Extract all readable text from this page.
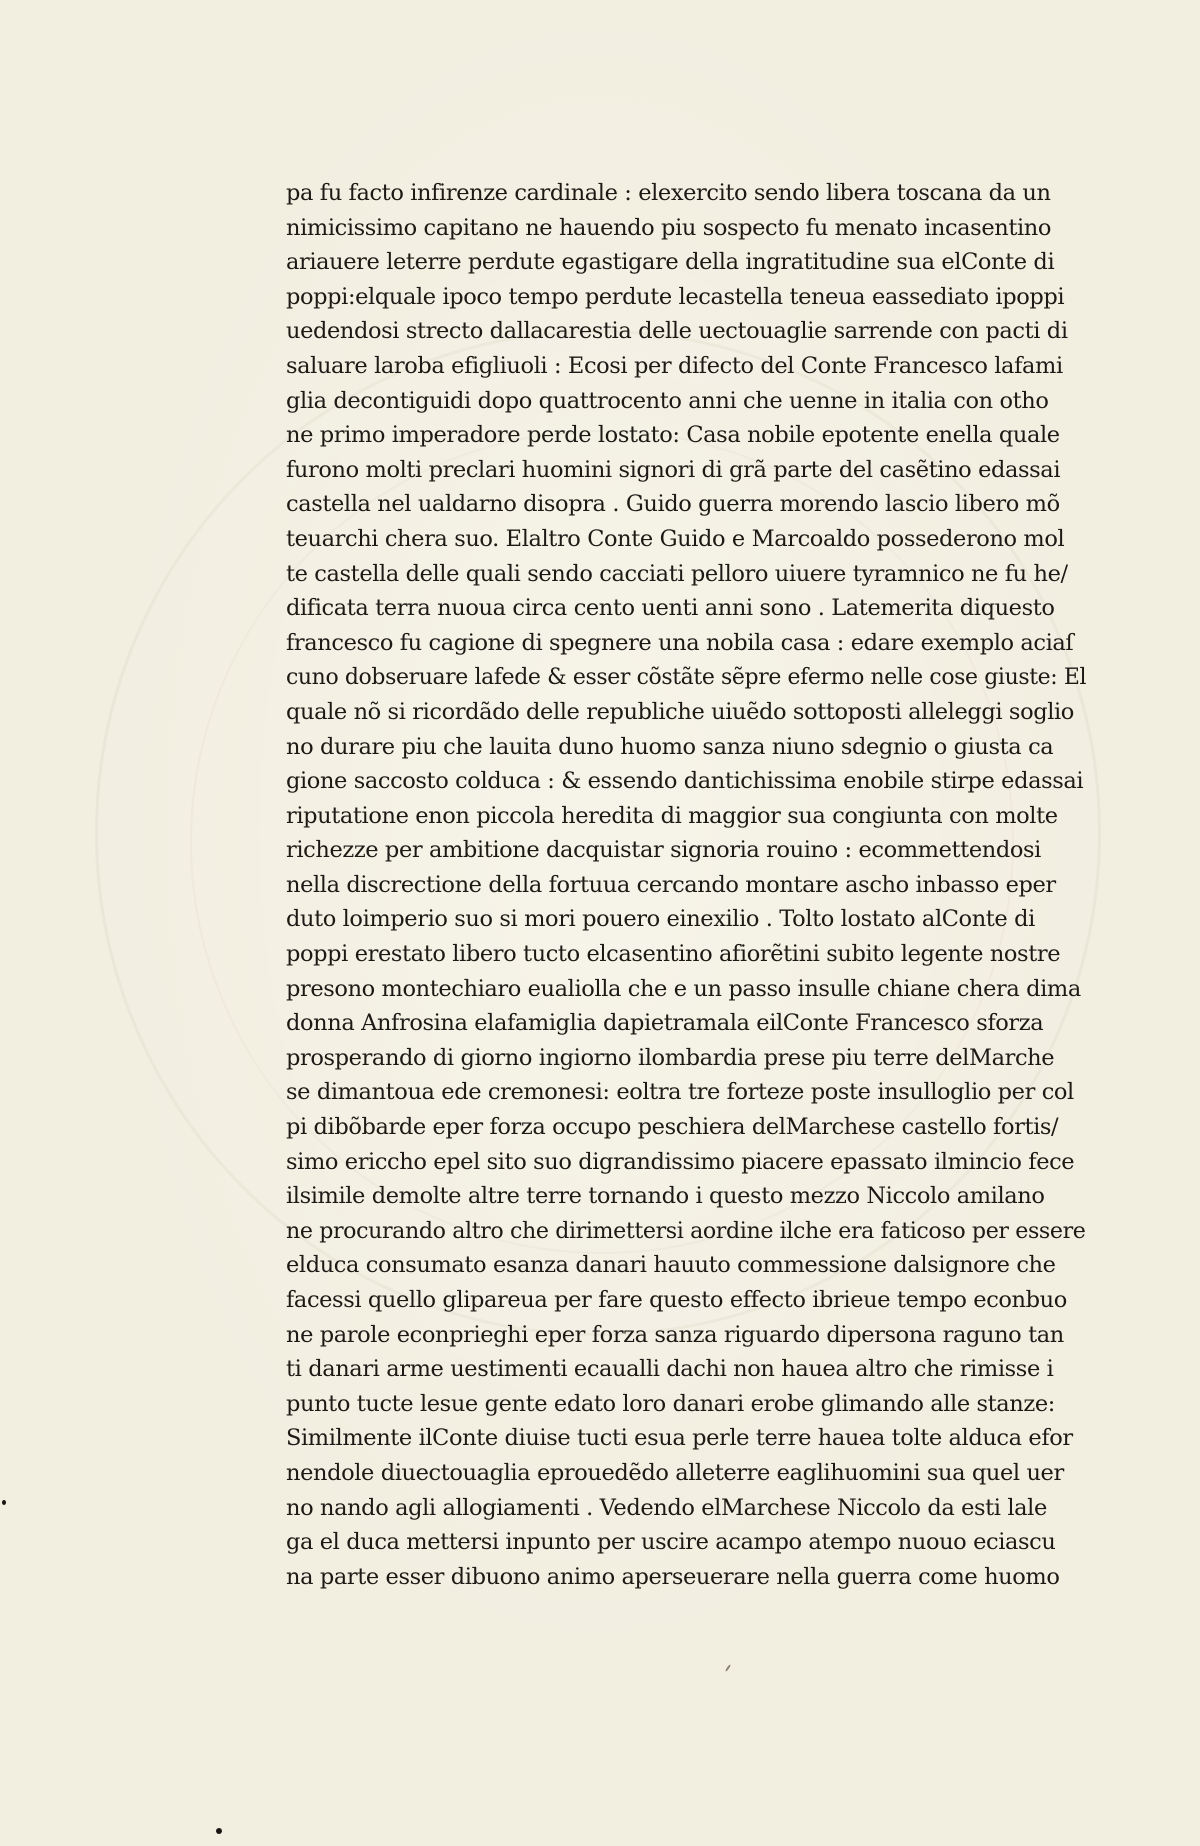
pa fu facto infirenze cardinale : elexercito sendo libera toscana da un
nimicissimo capitano ne hauendo piu sospecto fu menato incasentino
ariauere leterre perdute egastigare della ingratitudine sua elConte di
poppi:elquale ipoco tempo perdute lecastella teneua eassediato ipoppi
uedendosi strecto dallacarestia delle uectouaglie sarrende con pacti di
saluare laroba efigliuoli : Ecosi per difecto del Conte Francesco lafami
glia decontiguidi dopo quattrocento anni che uenne in italia con otho
ne primo imperadore perde lostato: Casa nobile epotente enella quale
furono molti preclari huomini signori di grã parte del casẽtino edassai
castella nel ualdarno disopra . Guido guerra morendo lascio libero mõ
teuarchi chera suo. Elaltro Conte Guido e Marcoaldo possederono mol
te castella delle quali sendo cacciati pelloro uiuere tyramnico ne fu he/
dificata terra nuoua circa cento uenti anni sono . Latemerita diquesto
francesco fu cagione di spegnere una nobila casa : edare exemplo aciaſ
cuno dobseruare lafede & esser cõstãte sẽpre efermo nelle cose giuste: El
quale nõ si ricordãdo delle republiche uiuẽdo sottoposti alleleggi soglio
no durare piu che lauita duno huomo sanza niuno sdegnio o giusta ca
gione saccosto colduca : & essendo dantichissima enobile stirpe edassai
riputatione enon piccola heredita di maggior sua congiunta con molte
richezze per ambitione dacquistar signoria rouino : ecommettendosi
nella discrectione della fortuua cercando montare ascho inbasso eper
duto loimperio suo si mori pouero einexilio . Tolto lostato alConte di
poppi erestato libero tucto elcasentino afiorẽtini subito legente nostre
presono montechiaro eualiolla che e un passo insulle chiane chera dima
donna Anfrosina elafamiglia dapietramala eilConte Francesco sforza
prosperando di giorno ingiorno ilombardia prese piu terre delMarche
se dimantoua ede cremonesi: eoltra tre forteze poste insulloglio per col
pi dibõbarde eper forza occupo peschiera delMarchese castello fortis/
simo ericcho epel sito suo digrandissimo piacere epassato ilmincio fece
ilsimile demolte altre terre tornando i questo mezzo Niccolo amilano
ne procurando altro che dirimettersi aordine ilche era faticoso per essere
elduca consumato esanza danari hauuto commessione dalsignore che
facessi quello glipareua per fare questo effecto ibrieue tempo econbuo
ne parole econprieghi eper forza sanza riguardo dipersona raguno tan
ti danari arme uestimenti ecaualli dachi non hauea altro che rimisse i
punto tucte lesue gente edato loro danari erobe glimando alle stanze:
Similmente ilConte diuise tucti esua perle terre hauea tolte alduca efor
nendole diuectouaglia eprouedẽdo alleterre eaglihuomini sua quel uer
no nando agli allogiamenti . Vedendo elMarchese Niccolo da esti lale
ga el duca mettersi inpunto per uscire acampo atempo nuouo eciascu
na parte esser dibuono animo aperseuerare nella guerra come huomo
